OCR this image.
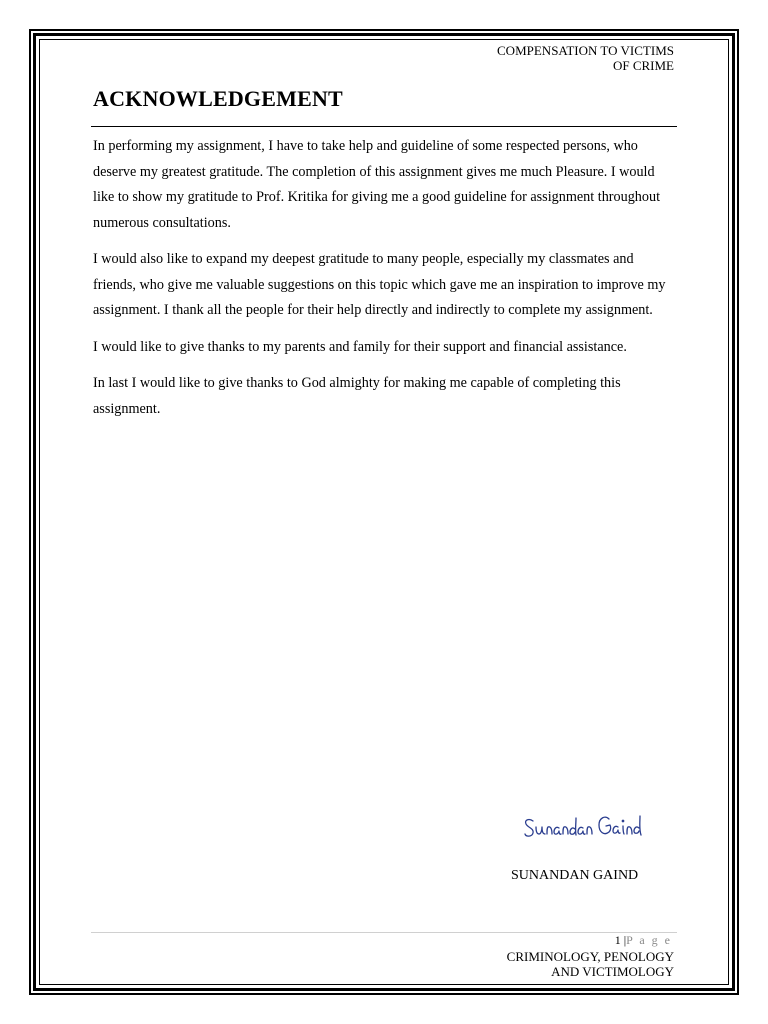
COMPENSATION TO VICTIMS
OF CRIME
ACKNOWLEDGEMENT

In performing my assignment, I have to take help and guideline of some respected persons, who deserve my greatest gratitude. The completion of this assignment gives me much Pleasure. I would like to show my gratitude to Prof. Kritika for giving me a good guideline for assignment throughout numerous consultations.

I would also like to expand my deepest gratitude to many people, especially my classmates and friends, who give me valuable suggestions on this topic which gave me an inspiration to improve my assignment. I thank all the people for their help directly and indirectly to complete my assignment.

I would like to give thanks to my parents and family for their support and financial assistance.

In last I would like to give thanks to God almighty for making me capable of completing this assignment.

SUNANDAN GAIND
1 |P a g e
CRIMINOLOGY, PENOLOGY
AND VICTIMOLOGY
